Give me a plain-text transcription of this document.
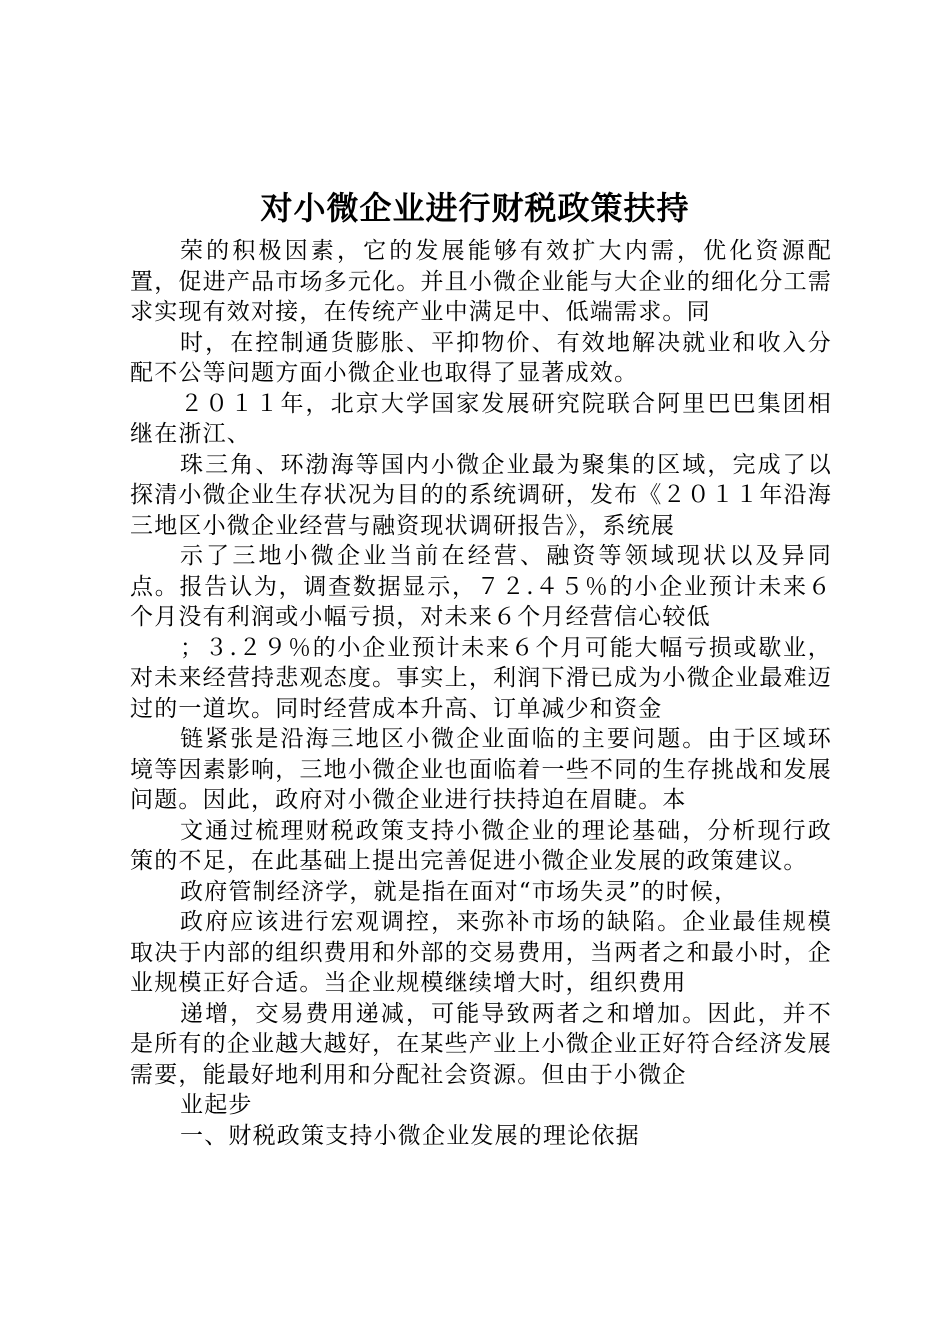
对小微企业进行财税政策扶持

荣的积极因素，它的发展能够有效扩大内需，优化资源配置，促进产品市场多元化。并且小微企业能与大企业的细化分工需求实现有效对接，在传统产业中满足中、低端需求。同

时，在控制通货膨胀、平抑物价、有效地解决就业和收入分配不公等问题方面小微企业也取得了显著成效。

２０１１年，北京大学国家发展研究院联合阿里巴巴集团相继在浙江、

珠三角、环渤海等国内小微企业最为聚集的区域，完成了以探清小微企业生存状况为目的的系统调研，发布《２０１１年沿海三地区小微企业经营与融资现状调研报告》，系统展

示了三地小微企业当前在经营、融资等领域现状以及异同点。报告认为，调查数据显示，７２.４５％的小企业预计未来６个月没有利润或小幅亏损，对未来６个月经营信心较低

；３.２９％的小企业预计未来６个月可能大幅亏损或歇业，对未来经营持悲观态度。事实上，利润下滑已成为小微企业最难迈过的一道坎。同时经营成本升高、订单减少和资金

链紧张是沿海三地区小微企业面临的主要问题。由于区域环境等因素影响，三地小微企业也面临着一些不同的生存挑战和发展问题。因此，政府对小微企业进行扶持迫在眉睫。本

文通过梳理财税政策支持小微企业的理论基础，分析现行政策的不足，在此基础上提出完善促进小微企业发展的政策建议。

政府管制经济学，就是指在面对“市场失灵”的时候，

政府应该进行宏观调控，来弥补市场的缺陷。企业最佳规模取决于内部的组织费用和外部的交易费用，当两者之和最小时，企业规模正好合适。当企业规模继续增大时，组织费用

递增，交易费用递减，可能导致两者之和增加。因此，并不是所有的企业越大越好，在某些产业上小微企业正好符合经济发展需要，能最好地利用和分配社会资源。但由于小微企

业起步

一、财税政策支持小微企业发展的理论依据
